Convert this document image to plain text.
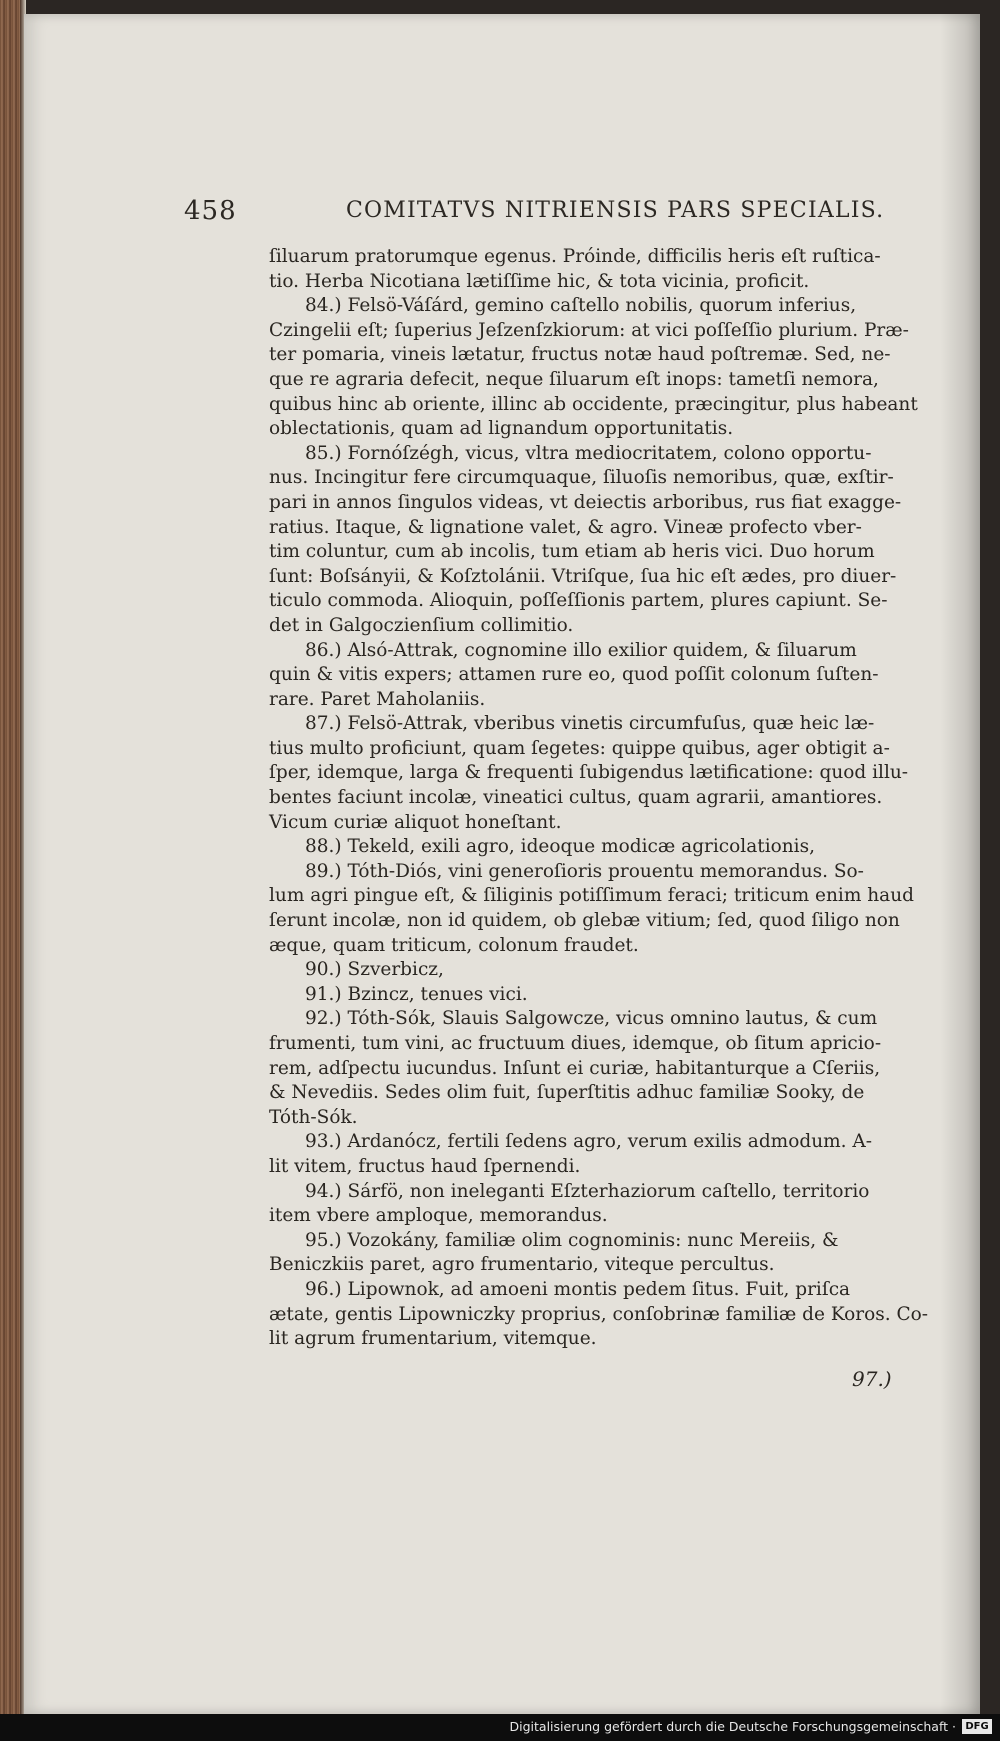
458	COMITATVS NITRIENSIS PARS SPECIALIS.
ſiluarum pratorumque egenus. Próinde, difficilis heris eſt ruſtica-
tio. Herba Nicotiana lætiſſime hic, & tota vicinia, proficit.
84.) Felsö-Váſárd, gemino caſtello nobilis, quorum inferius,
Czingelii eſt; ſuperius Jeſzenſzkiorum: at vici poſſeſſio plurium. Præ-
ter pomaria, vineis lætatur, fructus notæ haud poſtremæ. Sed, ne-
que re agraria defecit, neque ſiluarum eſt inops: tametſi nemora,
quibus hinc ab oriente, illinc ab occidente, præcingitur, plus habeant
oblectationis, quam ad lignandum opportunitatis.
85.) Fornóſzégh, vicus, vltra mediocritatem, colono opportu-
nus. Incingitur fere circumquaque, ſiluoſis nemoribus, quæ, exſtir-
pari in annos ſingulos videas, vt deiectis arboribus, rus fiat exagge-
ratius. Itaque, & lignatione valet, & agro. Vineæ profecto vber-
tim coluntur, cum ab incolis, tum etiam ab heris vici. Duo horum
ſunt: Boſsányii, & Koſztolánii. Vtriſque, ſua hic eſt ædes, pro diuer-
ticulo commoda. Alioquin, poſſeſſionis partem, plures capiunt. Se-
det in Galgoczienſium collimitio.
86.) Alsó-Attrak, cognomine illo exilior quidem, & ſiluarum
quin & vitis expers; attamen rure eo, quod poſſit colonum ſuſten-
rare. Paret Maholaniis.
87.) Felsö-Attrak, vberibus vinetis circumfuſus, quæ heic læ-
tius multo proficiunt, quam ſegetes: quippe quibus, ager obtigit a-
ſper, idemque, larga & frequenti ſubigendus lætificatione: quod illu-
bentes faciunt incolæ, vineatici cultus, quam agrarii, amantiores.
Vicum curiæ aliquot honeſtant.
88.) Tekeld, exili agro, ideoque modicæ agricolationis,
89.) Tóth-Diós, vini generoſioris prouentu memorandus. So-
lum agri pingue eſt, & ſiliginis potiſſimum feraci; triticum enim haud
ſerunt incolæ, non id quidem, ob glebæ vitium; ſed, quod ſiligo non
æque, quam triticum, colonum fraudet.
90.) Szverbicz,
91.) Bzincz, tenues vici.
92.) Tóth-Sók, Slauis Salgowcze, vicus omnino lautus, & cum
frumenti, tum vini, ac fructuum diues, idemque, ob ſitum apricio-
rem, adſpectu iucundus. Inſunt ei curiæ, habitanturque a Cſeriis,
& Nevediis. Sedes olim fuit, ſuperſtitis adhuc familiæ Sooky, de
Tóth-Sók.
93.) Ardanócz, fertili ſedens agro, verum exilis admodum. A-
lit vitem, fructus haud ſpernendi.
94.) Sárfö, non ineleganti Eſzterhaziorum caſtello, territorio
item vbere amploque, memorandus.
95.) Vozokány, familiæ olim cognominis: nunc Mereiis, &
Beniczkiis paret, agro frumentario, viteque percultus.
96.) Lipownok, ad amoeni montis pedem ſitus. Fuit, priſca
ætate, gentis Lipowniczky proprius, conſobrinæ familiæ de Koros. Co-
lit agrum frumentarium, vitemque.
97.)
Digitalisierung gefördert durch die Deutsche Forschungsgemeinschaft · DFG
